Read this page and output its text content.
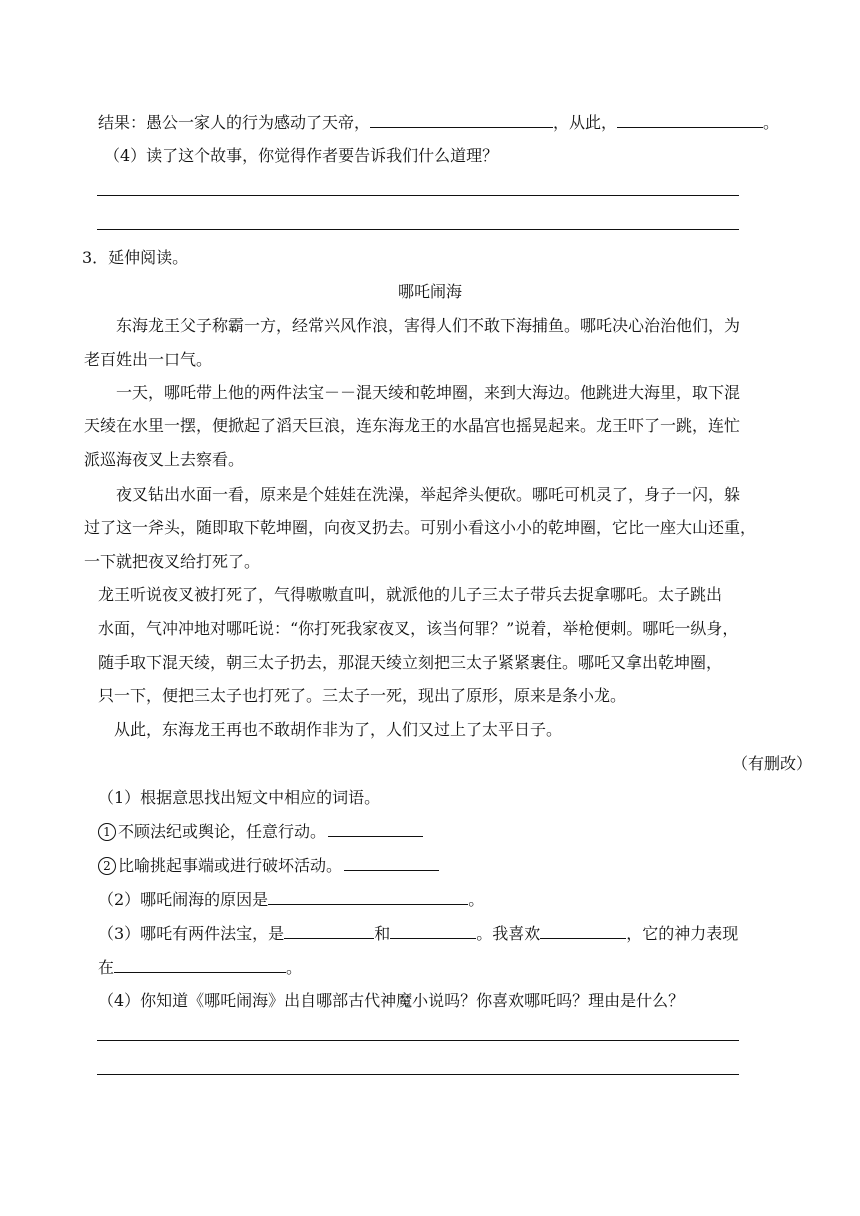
结果：愚公一家人的行为感动了天帝，	，从此，	。
（4）读了这个故事，你觉得作者要告诉我们什么道理？
3．延伸阅读。
哪吒闹海
东海龙王父子称霸一方，经常兴风作浪，害得人们不敢下海捕鱼。哪吒决心治治他们，为
老百姓出一口气。
一天，哪吒带上他的两件法宝－－混天绫和乾坤圈，来到大海边。他跳进大海里，取下混
天绫在水里一摆，便掀起了滔天巨浪，连东海龙王的水晶宫也摇晃起来。龙王吓了一跳，连忙
派巡海夜叉上去察看。
夜叉钻出水面一看，原来是个娃娃在洗澡，举起斧头便砍。哪吒可机灵了，身子一闪，躲
过了这一斧头，随即取下乾坤圈，向夜叉扔去。可别小看这小小的乾坤圈，它比一座大山还重，
一下就把夜叉给打死了。
龙王听说夜叉被打死了，气得嗷嗷直叫，就派他的儿子三太子带兵去捉拿哪吒。太子跳出
水面，气冲冲地对哪吒说：“你打死我家夜叉，该当何罪？”说着，举枪便刺。哪吒一纵身，
随手取下混天绫，朝三太子扔去，那混天绫立刻把三太子紧紧裹住。哪吒又拿出乾坤圈，
只一下，便把三太子也打死了。三太子一死，现出了原形，原来是条小龙。
从此，东海龙王再也不敢胡作非为了，人们又过上了太平日子。
（有删改）
（1）根据意思找出短文中相应的词语。
1 不顾法纪或舆论，任意行动。
2 比喻挑起事端或进行破坏活动。
（2）哪吒闹海的原因是	。
（3）哪吒有两件法宝，是	和	。我喜欢	，它的神力表现
在	。
（4）你知道《哪吒闹海》出自哪部古代神魔小说吗？你喜欢哪吒吗？理由是什么？
